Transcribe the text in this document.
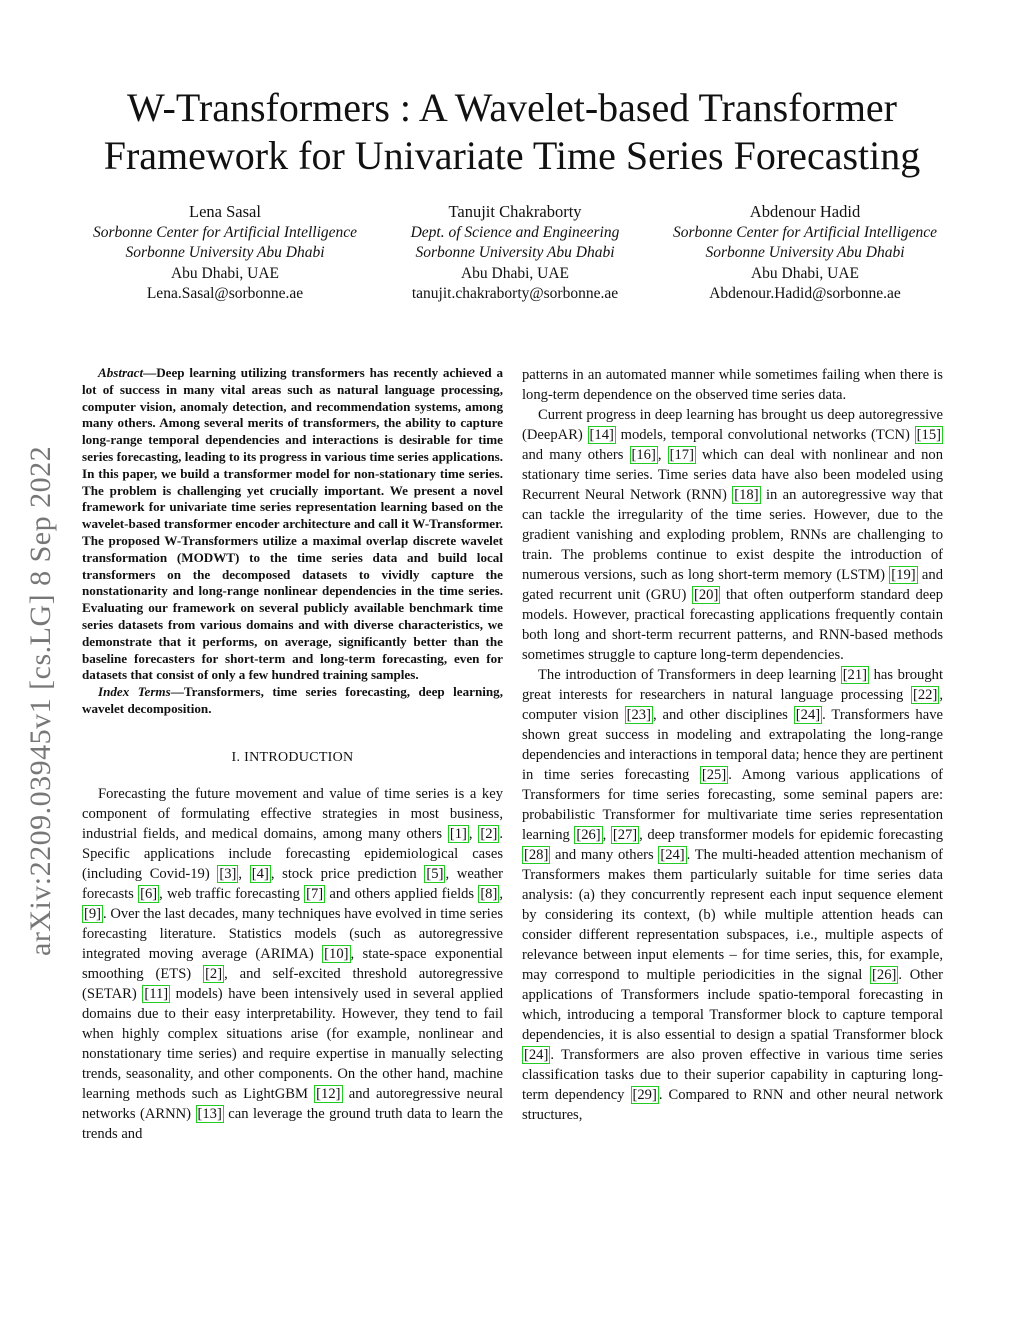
W-Transformers : A Wavelet-based Transformer
Framework for Univariate Time Series Forecasting
Lena Sasal
Sorbonne Center for Artificial Intelligence
Sorbonne University Abu Dhabi
Abu Dhabi, UAE
Lena.Sasal@sorbonne.ae
Tanujit Chakraborty
Dept. of Science and Engineering
Sorbonne University Abu Dhabi
Abu Dhabi, UAE
tanujit.chakraborty@sorbonne.ae
Abdenour Hadid
Sorbonne Center for Artificial Intelligence
Sorbonne University Abu Dhabi
Abu Dhabi, UAE
Abdenour.Hadid@sorbonne.ae
arXiv:2209.03945v1 [cs.LG] 8 Sep 2022

Abstract—Deep learning utilizing transformers has recently achieved a lot of success in many vital areas such as natural language processing, computer vision, anomaly detection, and recommendation systems, among many others. Among several merits of transformers, the ability to capture long-range temporal dependencies and interactions is desirable for time series forecasting, leading to its progress in various time series applications. In this paper, we build a transformer model for non-stationary time series. The problem is challenging yet crucially important. We present a novel framework for univariate time series representation learning based on the wavelet-based transformer encoder architecture and call it W-Transformer. The proposed W-Transformers utilize a maximal overlap discrete wavelet transformation (MODWT) to the time series data and build local transformers on the decomposed datasets to vividly capture the nonstationarity and long-range nonlinear dependencies in the time series. Evaluating our framework on several publicly available benchmark time series datasets from various domains and with diverse characteristics, we demonstrate that it performs, on average, significantly better than the baseline forecasters for short-term and long-term forecasting, even for datasets that consist of only a few hundred training samples.

Index Terms—Transformers, time series forecasting, deep learning, wavelet decomposition.

I. INTRODUCTION

Forecasting the future movement and value of time series is a key component of formulating effective strategies in most business, industrial fields, and medical domains, among many others [1] , [2] . Specific applications include forecasting epidemiological cases (including Covid-19) [3] , [4] , stock price prediction [5] , weather forecasts [6] , web traffic forecasting [7] and others applied fields [8] , [9] . Over the last decades, many techniques have evolved in time series forecasting literature. Statistics models (such as autoregressive integrated moving average (ARIMA) [10] , state-space exponential smoothing (ETS) [2] , and self-excited threshold autoregressive (SETAR) [11] models) have been intensively used in several applied domains due to their easy interpretability. However, they tend to fail when highly complex situations arise (for example, nonlinear and nonstationary time series) and require expertise in manually selecting trends, seasonality, and other components. On the other hand, machine learning methods such as LightGBM [12] and autoregressive neural networks (ARNN) [13] can leverage the ground truth data to learn the trends and

patterns in an automated manner while sometimes failing when there is long-term dependence on the observed time series data.

Current progress in deep learning has brought us deep autoregressive (DeepAR) [14] models, temporal convolutional networks (TCN) [15] and many others [16] , [17] which can deal with nonlinear and non stationary time series. Time series data have also been modeled using Recurrent Neural Network (RNN) [18] in an autoregressive way that can tackle the irregularity of the time series. However, due to the gradient vanishing and exploding problem, RNNs are challenging to train. The problems continue to exist despite the introduction of numerous versions, such as long short-term memory (LSTM) [19] and gated recurrent unit (GRU) [20] that often outperform standard deep models. However, practical forecasting applications frequently contain both long and short-term recurrent patterns, and RNN-based methods sometimes struggle to capture long-term dependencies.

The introduction of Transformers in deep learning [21] has brought great interests for researchers in natural language processing [22] , computer vision [23] , and other disciplines [24] . Transformers have shown great success in modeling and extrapolating the long-range dependencies and interactions in temporal data; hence they are pertinent in time series forecasting [25] . Among various applications of Transformers for time series forecasting, some seminal papers are: probabilistic Transformer for multivariate time series representation learning [26] , [27] , deep transformer models for epidemic forecasting [28] and many others [24] . The multi-headed attention mechanism of Transformers makes them particularly suitable for time series data analysis: (a) they concurrently represent each input sequence element by considering its context, (b) while multiple attention heads can consider different representation subspaces, i.e., multiple aspects of relevance between input elements – for time series, this, for example, may correspond to multiple periodicities in the signal [26] . Other applications of Transformers include spatio-temporal forecasting in which, introducing a temporal Transformer block to capture temporal dependencies, it is also essential to design a spatial Transformer block [24] . Transformers are also proven effective in various time series classification tasks due to their superior capability in capturing long-term dependency [29] . Compared to RNN and other neural network structures,
